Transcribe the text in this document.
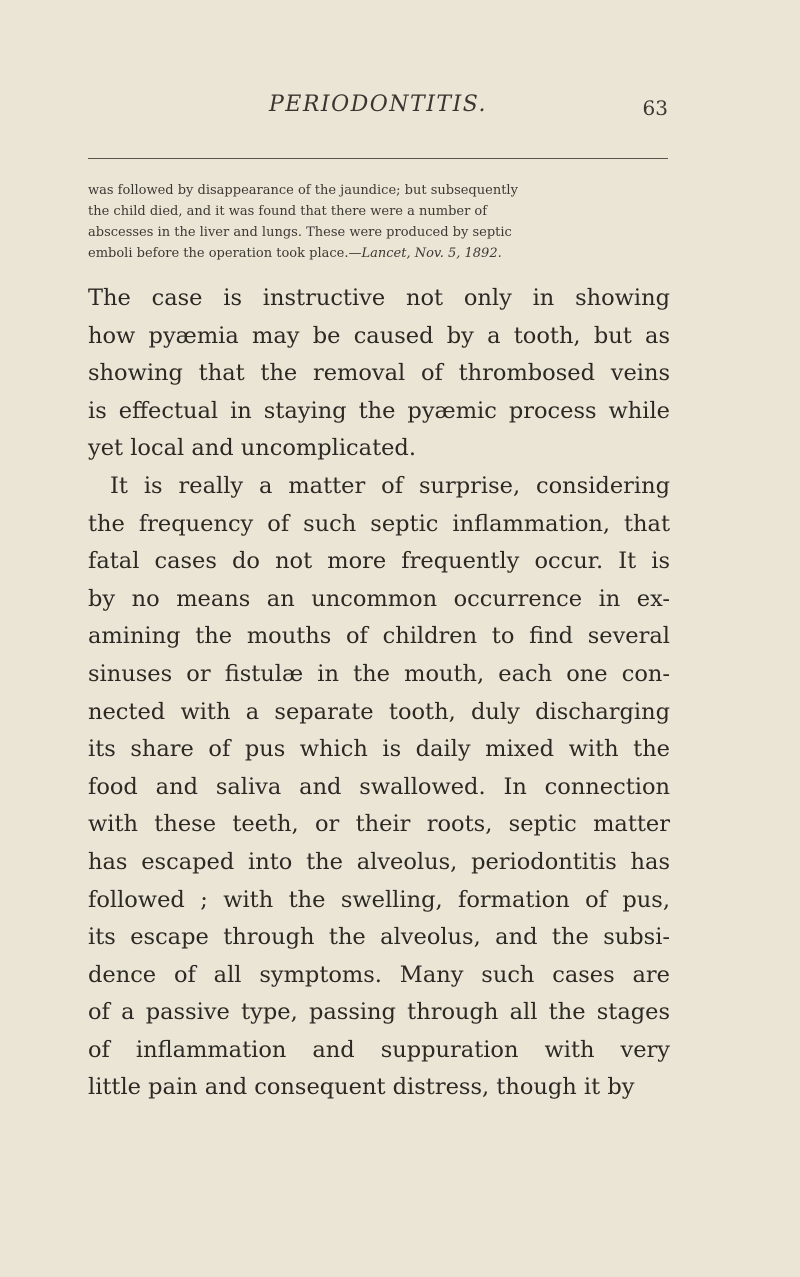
PERIODONTITIS.	63
was followed by disappearance of the jaundice; but subsequently
the child died, and it was found that there were a number of
abscesses in the liver and lungs. These were produced by septic
emboli before the operation took place.—Lancet, Nov. 5, 1892.
The case is instructive not only in showing
how pyæmia may be caused by a tooth, but as
showing that the removal of thrombosed veins
is effectual in staying the pyæmic process while
yet local and uncomplicated.
It is really a matter of surprise, considering
the frequency of such septic inflammation, that
fatal cases do not more frequently occur. It is
by no means an uncommon occurrence in ex-
amining the mouths of children to find several
sinuses or fistulæ in the mouth, each one con-
nected with a separate tooth, duly discharging
its share of pus which is daily mixed with the
food and saliva and swallowed. In connection
with these teeth, or their roots, septic matter
has escaped into the alveolus, periodontitis has
followed ; with the swelling, formation of pus,
its escape through the alveolus, and the subsi-
dence of all symptoms. Many such cases are
of a passive type, passing through all the stages
of inflammation and suppuration with very
little pain and consequent distress, though it by
